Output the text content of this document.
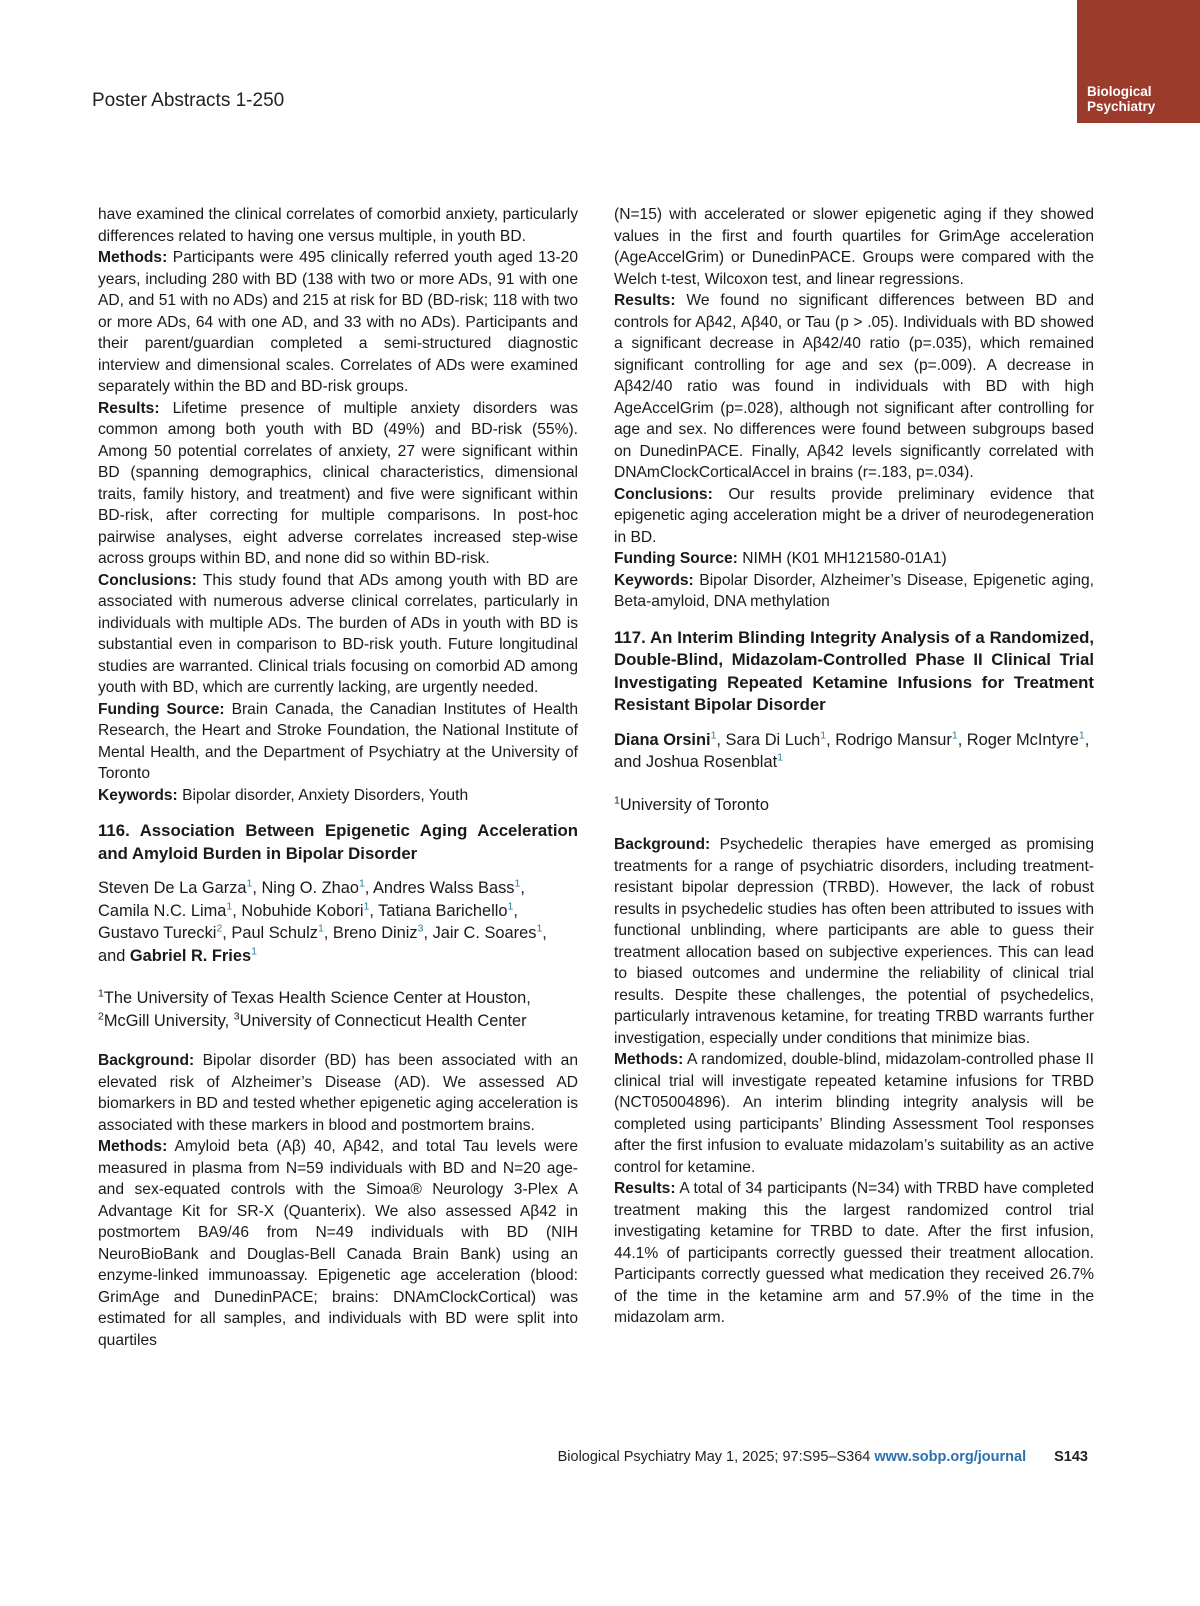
Poster Abstracts 1-250	Biological
Psychiatry

have examined the clinical correlates of comorbid anxiety, particularly differences related to having one versus multiple, in youth BD.

Methods: Participants were 495 clinically referred youth aged 13-20 years, including 280 with BD (138 with two or more ADs, 91 with one AD, and 51 with no ADs) and 215 at risk for BD (BD-risk; 118 with two or more ADs, 64 with one AD, and 33 with no ADs). Participants and their parent/guardian completed a semi-structured diagnostic interview and dimensional scales. Correlates of ADs were examined separately within the BD and BD-risk groups.

Results: Lifetime presence of multiple anxiety disorders was common among both youth with BD (49%) and BD-risk (55%). Among 50 potential correlates of anxiety, 27 were significant within BD (spanning demographics, clinical characteristics, dimensional traits, family history, and treatment) and five were significant within BD-risk, after correcting for multiple comparisons. In post-hoc pairwise analyses, eight adverse correlates increased step-wise across groups within BD, and none did so within BD-risk.

Conclusions: This study found that ADs among youth with BD are associated with numerous adverse clinical correlates, particularly in individuals with multiple ADs. The burden of ADs in youth with BD is substantial even in comparison to BD-risk youth. Future longitudinal studies are warranted. Clinical trials focusing on comorbid AD among youth with BD, which are currently lacking, are urgently needed.

Funding Source: Brain Canada, the Canadian Institutes of Health Research, the Heart and Stroke Foundation, the National Institute of Mental Health, and the Department of Psychiatry at the University of Toronto

Keywords: Bipolar disorder, Anxiety Disorders, Youth

116. Association Between Epigenetic Aging Acceleration and Amyloid Burden in Bipolar Disorder

Steven De La Garza$^1$, Ning O. Zhao$^1$, Andres Walss Bass$^1$, Camila N.C. Lima$^1$, Nobuhide Kobori$^1$, Tatiana Barichello$^1$, Gustavo Turecki$^2$, Paul Schulz$^1$, Breno Diniz$^3$, Jair C. Soares$^1$, and Gabriel R. Fries$^1$

$^1$The University of Texas Health Science Center at Houston, $^2$McGill University, $^3$University of Connecticut Health Center

Background: Bipolar disorder (BD) has been associated with an elevated risk of Alzheimer’s Disease (AD). We assessed AD biomarkers in BD and tested whether epigenetic aging acceleration is associated with these markers in blood and postmortem brains.

Methods: Amyloid beta (Aβ) 40, Aβ42, and total Tau levels were measured in plasma from N=59 individuals with BD and N=20 age- and sex-equated controls with the Simoa® Neurology 3-Plex A Advantage Kit for SR-X (Quanterix). We also assessed Aβ42 in postmortem BA9/46 from N=49 individuals with BD (NIH NeuroBioBank and Douglas-Bell Canada Brain Bank) using an enzyme-linked immunoassay. Epigenetic age acceleration (blood: GrimAge and DunedinPACE; brains: DNAmClockCortical) was estimated for all samples, and individuals with BD were split into quartiles

(N=15) with accelerated or slower epigenetic aging if they showed values in the first and fourth quartiles for GrimAge acceleration (AgeAccelGrim) or DunedinPACE. Groups were compared with the Welch t-test, Wilcoxon test, and linear regressions.

Results: We found no significant differences between BD and controls for Aβ42, Aβ40, or Tau (p > .05). Individuals with BD showed a significant decrease in Aβ42/40 ratio (p=.035), which remained significant controlling for age and sex (p=.009). A decrease in Aβ42/40 ratio was found in individuals with BD with high AgeAccelGrim (p=.028), although not significant after controlling for age and sex. No differences were found between subgroups based on DunedinPACE. Finally, Aβ42 levels significantly correlated with DNAmClockCorticalAccel in brains (r=.183, p=.034).

Conclusions: Our results provide preliminary evidence that epigenetic aging acceleration might be a driver of neurodegeneration in BD.

Funding Source: NIMH (K01 MH121580-01A1)

Keywords: Bipolar Disorder, Alzheimer’s Disease, Epigenetic aging, Beta-amyloid, DNA methylation

117. An Interim Blinding Integrity Analysis of a Randomized, Double-Blind, Midazolam-Controlled Phase II Clinical Trial Investigating Repeated Ketamine Infusions for Treatment Resistant Bipolar Disorder

Diana Orsini$^1$, Sara Di Luch$^1$, Rodrigo Mansur$^1$, Roger McIntyre$^1$, and Joshua Rosenblat$^1$

$^1$University of Toronto

Background: Psychedelic therapies have emerged as promising treatments for a range of psychiatric disorders, including treatment-resistant bipolar depression (TRBD). However, the lack of robust results in psychedelic studies has often been attributed to issues with functional unblinding, where participants are able to guess their treatment allocation based on subjective experiences. This can lead to biased outcomes and undermine the reliability of clinical trial results. Despite these challenges, the potential of psychedelics, particularly intravenous ketamine, for treating TRBD warrants further investigation, especially under conditions that minimize bias.

Methods: A randomized, double-blind, midazolam-controlled phase II clinical trial will investigate repeated ketamine infusions for TRBD (NCT05004896). An interim blinding integrity analysis will be completed using participants’ Blinding Assessment Tool responses after the first infusion to evaluate midazolam’s suitability as an active control for ketamine.

Results: A total of 34 participants (N=34) with TRBD have completed treatment making this the largest randomized control trial investigating ketamine for TRBD to date. After the first infusion, 44.1% of participants correctly guessed their treatment allocation. Participants correctly guessed what medication they received 26.7% of the time in the ketamine arm and 57.9% of the time in the midazolam arm.

Biological Psychiatry May 1, 2025; 97:S95–S364 www.sobp.org/journal S143
